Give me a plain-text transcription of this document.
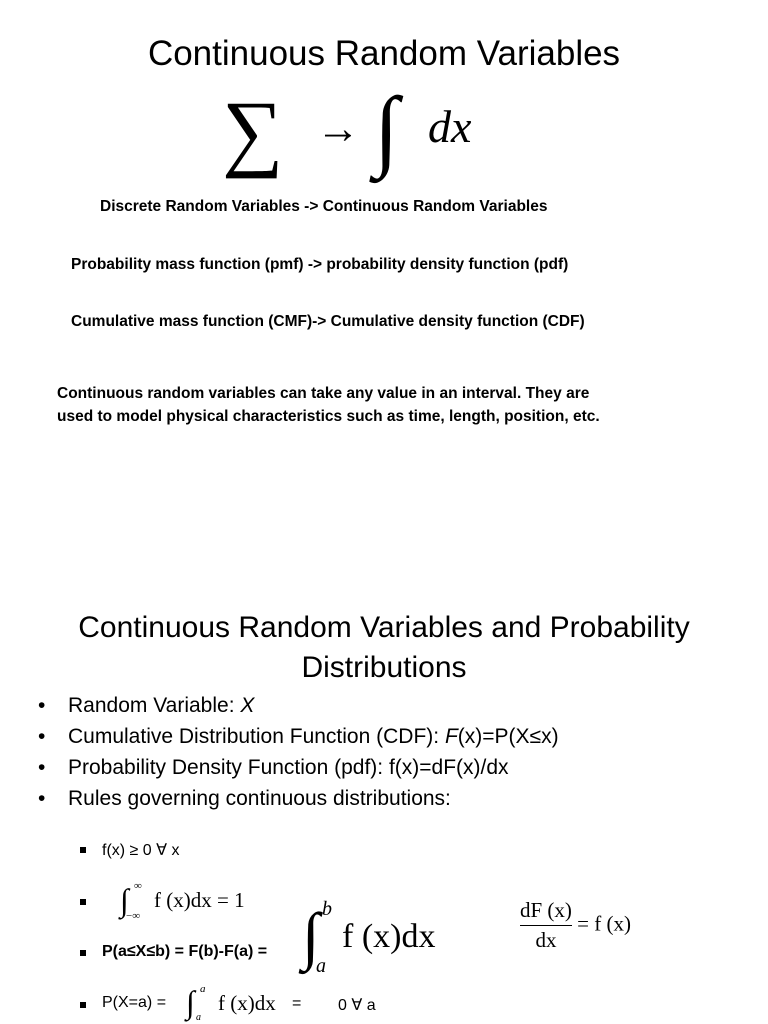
Continuous Random Variables
∑ → ∫ dx
Discrete Random Variables -> Continuous Random Variables
Probability mass function (pmf) -> probability density function (pdf)
Cumulative mass function (CMF)-> Cumulative density function (CDF)
Continuous random variables can take any value in an interval. They are
used to model physical characteristics such as time, length, position, etc.
Continuous Random Variables and Probability
Distributions
• Random Variable: X
• Cumulative Distribution Function (CDF): F(x)=P(X≤x)
• Probability Density Function (pdf): f(x)=dF(x)/dx
• Rules governing continuous distributions:
f(x) ≥ 0 ∀ x
∫ ∞
−∞
f (x)dx = 1
P(a≤X≤b) = F(b)-F(a) = ∫ b
a
f (x)dx	$\frac{dF (x)}{dx} = f$ (x)
P(X=a) = ∫ a
a
f (x)dx = 0 ∀ a
